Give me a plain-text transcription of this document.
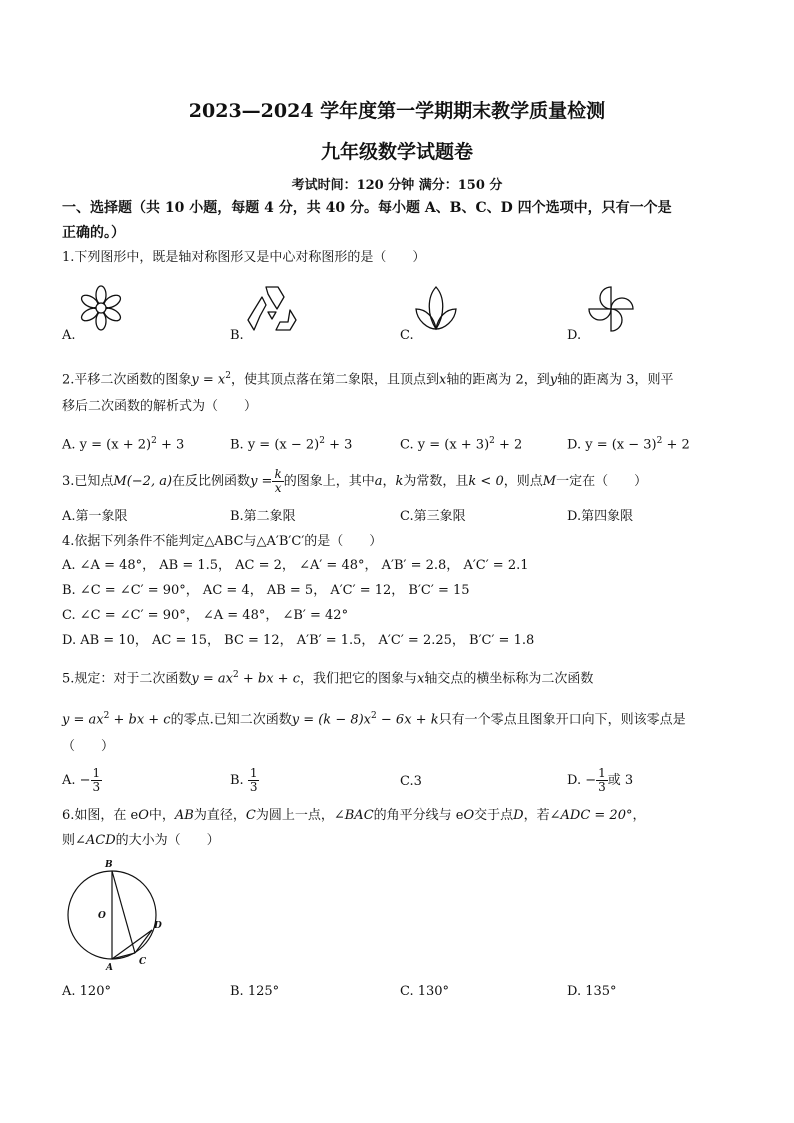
2023—2024 学年度第一学期期末教学质量检测
九年级数学试题卷
考试时间：120 分钟 满分：150 分
一、选择题（共 10 小题，每题 4 分，共 40 分。每小题 A、B、C、D 四个选项中，只有一个是
正确的。）
1.下列图形中，既是轴对称图形又是中心对称图形的是（　　）
A.	B.	C.	D.
2.平移二次函数的图象$y = x^2$，使其顶点落在第二象限，且顶点到x轴的距离为 2，到y轴的距离为 3，则平
移后二次函数的解析式为（　　）
A. $y = (x + 2)^2 + 3$	B. $y = (x - 2)^2 + 3$	C. $y = (x + 3)^2 + 2$	D. $y = (x - 3)^2 + 2$
3.已知点M(−2, a)在反比例函数$y = \frac{k}{x}$ 的图象上，其中a，k为常数，且k < 0，则点M一定在（　　）
A.第一象限	B.第二象限	C.第三象限	D.第四象限
4.依据下列条件不能判定△ABC与△A′B′C′的是（　　）
A. ∠A = 48°， AB = 1.5， AC = 2， ∠A′ = 48°， A′B′ = 2.8， A′C′ = 2.1
B. ∠C = ∠C′ = 90°， AC = 4， AB = 5， A′C′ = 12， B′C′ = 15
C. ∠C = ∠C′ = 90°， ∠A = 48°， ∠B′ = 42°
D. AB = 10， AC = 15， BC = 12， A′B′ = 1.5， A′C′ = 2.25， B′C′ = 1.8
5.规定：对于二次函数$y = ax^2$ + bx + c，我们把它的图象与x轴交点的横坐标称为二次函数
$y = ax^2$ + bx + c的零点.已知二次函数$y = (k - 8)x^2 - 6x + k$只有一个零点且图象开口向下，则该零点是
（　　）
A. − $\frac{1}{3}$	B. $\frac{1}{3}$	C.3	D. − $\frac{1}{3}$ 或 3
6.如图，在 eO中，AB为直径，C为圆上一点，∠BAC的角平分线与 eO交于点D，若∠ADC = 20°，
则∠ACD的大小为（　　）
B
O
D
C
A
A. 120°	B. 125°	C. 130°	D. 135°
